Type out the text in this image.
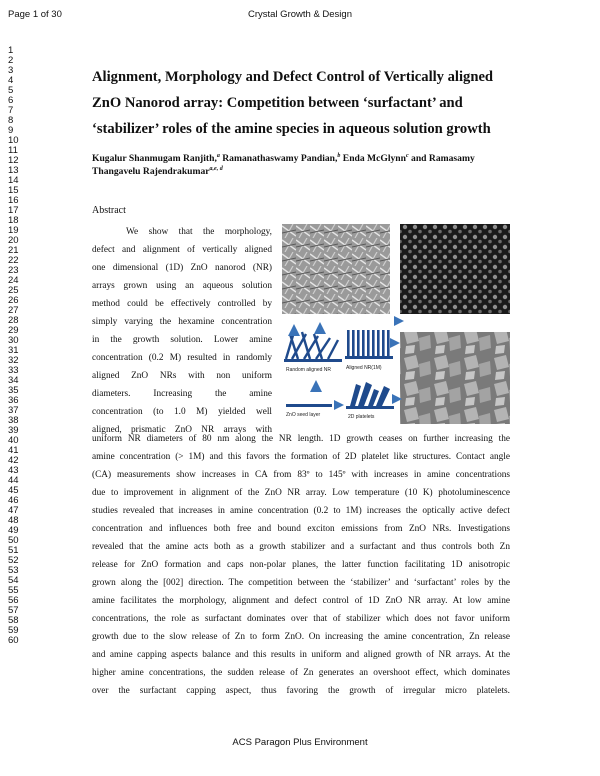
Page 1 of 30	Crystal Growth & Design
1
2
3
4
5
6
7
8
9
10
11
12
13
14
15
16
17
18
19
20
21
22
23
24
25
26
27
28
29
30
31
32
33
34
35
36
37
38
39
40
41
42
43
44
45
46
47
48
49
50
51
52
53
54
55
56
57
58
59
60
Alignment, Morphology and Defect Control of Vertically aligned
ZnO Nanorod array: Competition between ‘surfactant’ and
‘stabilizer’ roles of the amine species in aqueous solution growth
Kugalur Shanmugam Ranjith,$^a$ Ramanathaswamy Pandian,$^b$ Enda McGlynn$^c$ and Ramasamy
Thangavelu Rajendrakumar$^{a,e, d}$
Abstract
We show that the morphology,
defect and alignment of vertically aligned
one dimensional (1D) ZnO nanorod (NR)
arrays grown using an aqueous solution
method could be effectively controlled by
simply varying the hexamine concentration
in the growth solution. Lower amine
concentration (0.2 M) resulted in randomly
aligned ZnO NRs with non uniform
diameters. Increasing the amine
concentration (to 1.0 M) yielded well
aligned, prismatic ZnO NR arrays with
Random aligned NR	Aligned NR(1M)
ZnO seed layer	2D platelets
uniform NR diameters of 80 nm along the NR length. 1D growth ceases on further increasing the
amine concentration (> 1M) and this favors the formation of 2D platelet like structures. Contact angle
(CA) measurements show increases in CA from 83º to 145º with increases in amine concentrations
due to improvement in alignment of the ZnO NR array. Low temperature (10 K) photoluminescence
studies revealed that increases in amine concentration (0.2 to 1M) increases the optically active defect
concentration and influences both free and bound exciton emissions from ZnO NRs. Investigations
revealed that the amine acts both as a growth stabilizer and a surfactant and thus controls both Zn
release for ZnO formation and caps non-polar planes, the latter function facilitating 1D anisotropic
grown along the [002] direction. The competition between the ‘stabilizer’ and ‘surfactant’ roles by the
amine facilitates the morphology, alignment and defect control of 1D ZnO NR array. At low amine
concentrations, the role as surfactant dominates over that of stabilizer which does not favor uniform
growth due to the slow release of Zn to form ZnO. On increasing the amine concentration, Zn release
and amine capping aspects balance and this results in uniform and aligned growth of NR arrays. At the
higher amine concentrations, the sudden release of Zn generates an overshoot effect, which dominates
over the surfactant capping aspect, thus favoring the growth of irregular micro platelets.
ACS Paragon Plus Environment
